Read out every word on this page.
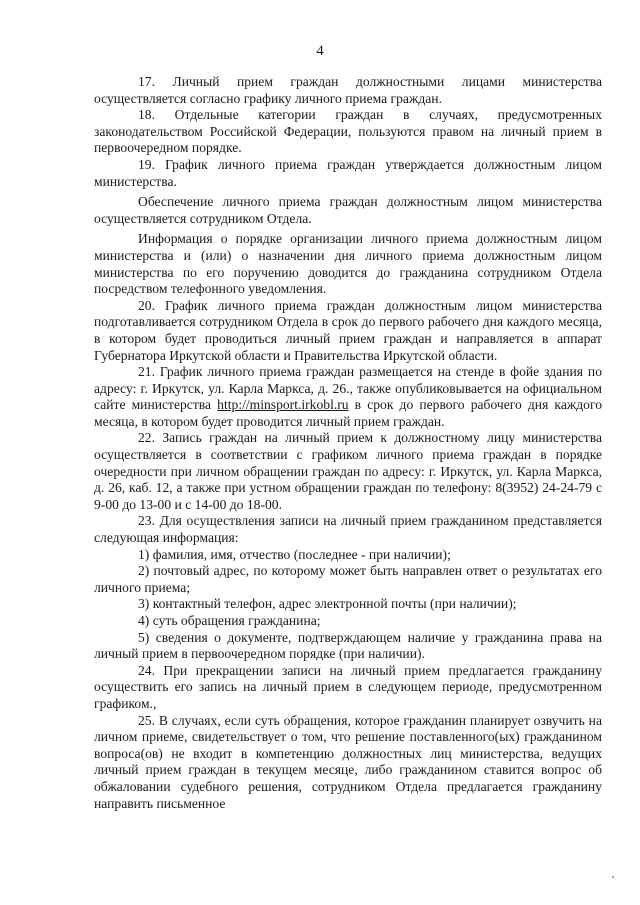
4

17. Личный прием граждан должностными лицами министерства осуществляется согласно графику личного приема граждан.

18. Отдельные категории граждан в случаях, предусмотренных законодательством Российской Федерации, пользуются правом на личный прием в первоочередном порядке.

19. График личного приема граждан утверждается должностным лицом министерства.

Обеспечение личного приема граждан должностным лицом министерства осуществляется сотрудником Отдела.

Информация о порядке организации личного приема должностным лицом министерства и (или) о назначении дня личного приема должностным лицом министерства по его поручению доводится до гражданина сотрудником Отдела посредством телефонного уведомления.

20. График личного приема граждан должностным лицом министерства подготавливается сотрудником Отдела в срок до первого рабочего дня каждого месяца, в котором будет проводиться личный прием граждан и направляется в аппарат Губернатора Иркутской области и Правительства Иркутской области.

21. График личного приема граждан размещается на стенде в фойе здания по адресу: г. Иркутск, ул. Карла Маркса, д. 26., также опубликовывается на официальном сайте министерства http://minsport.irkobl.ru в срок до первого рабочего дня каждого месяца, в котором будет проводится личный прием граждан.

22. Запись граждан на личный прием к должностному лицу министерства осуществляется в соответствии с графиком личного приема граждан в порядке очередности при личном обращении граждан по адресу: г. Иркутск, ул. Карла Маркса, д. 26, каб. 12, а также при устном обращении граждан по телефону: 8(3952) 24-24-79 с 9-00 до 13-00 и с 14-00 до 18-00.

23. Для осуществления записи на личный прием гражданином представляется следующая информация:

1) фамилия, имя, отчество (последнее - при наличии);

2) почтовый адрес, по которому может быть направлен ответ о результатах его личного приема;

3) контактный телефон, адрес электронной почты (при наличии);

4) суть обращения гражданина;

5) сведения о документе, подтверждающем наличие у гражданина права на личный прием в первоочередном порядке (при наличии).

24. При прекращении записи на личный прием предлагается гражданину осуществить его запись на личный прием в следующем периоде, предусмотренном графиком.,

25. В случаях, если суть обращения, которое гражданин планирует озвучить на личном приеме, свидетельствует о том, что решение поставленного(ых) гражданином вопроса(ов) не входит в компетенцию должностных лиц министерства, ведущих личный прием граждан в текущем месяце, либо гражданином ставится вопрос об обжаловании судебного решения, сотрудником Отдела предлагается гражданину направить письменное
